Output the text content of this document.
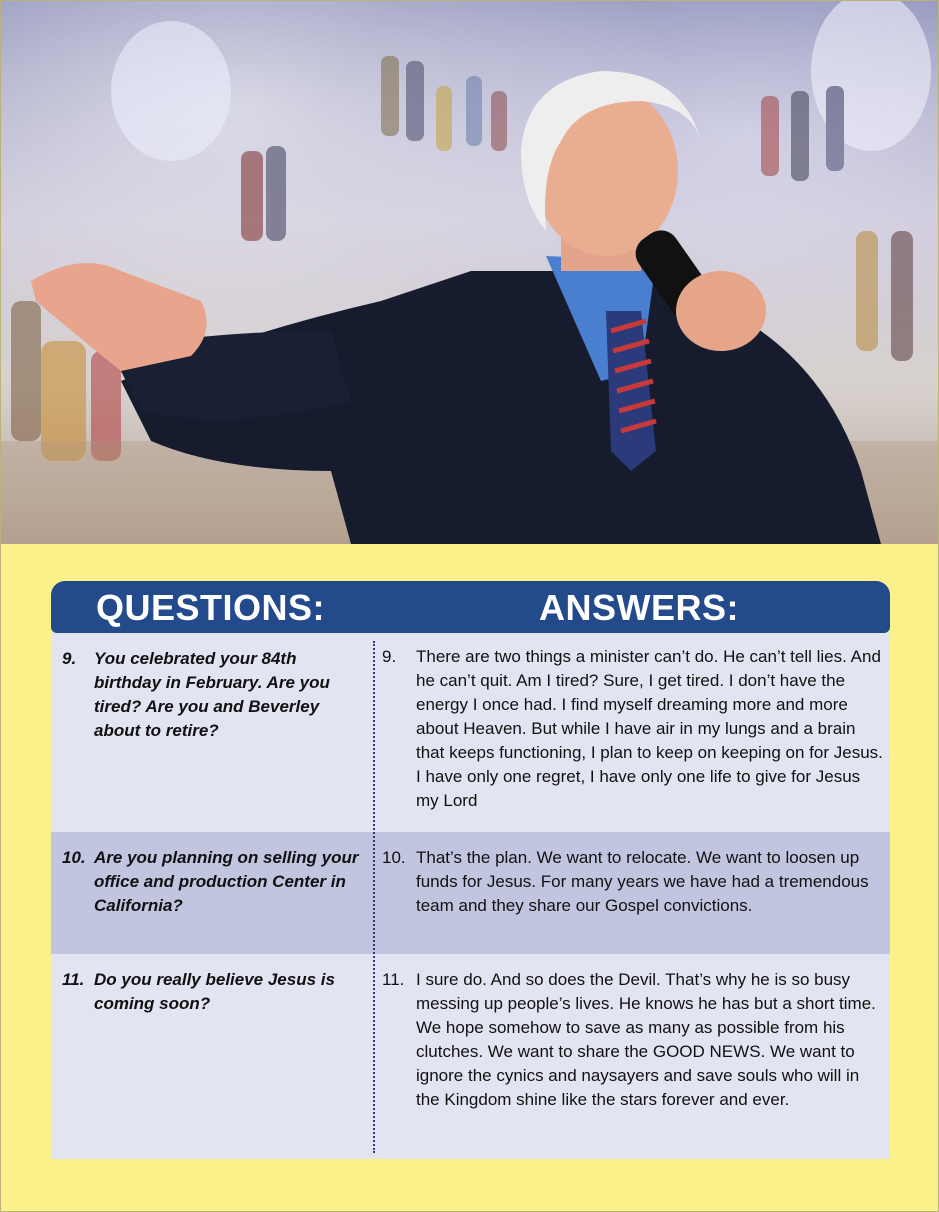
QUESTIONS:	ANSWERS:
9. You celebrated your 84th birthday in February. Are you tired? Are you and Beverley about to retire?
9. There are two things a minister can’t do. He can’t tell lies. And he can’t quit. Am I tired? Sure, I get tired. I don’t have the energy I once had. I find myself dreaming more and more about Heaven. But while I have air in my lungs and a brain that keeps functioning, I plan to keep on keeping on for Jesus. I have only one regret, I have only one life to give for Jesus my Lord
10. Are you planning on selling your office and production Center in California?
10. That’s the plan. We want to relocate. We want to loosen up funds for Jesus. For many years we have had a tremendous team and they share our Gospel convictions.
11. Do you really believe Jesus is coming soon?
11. I sure do. And so does the Devil. That’s why he is so busy messing up people’s lives. He knows he has but a short time. We hope somehow to save as many as possible from his clutches. We want to share the GOOD NEWS. We want to ignore the cynics and naysayers and save souls who will in the Kingdom shine like the stars forever and ever.
